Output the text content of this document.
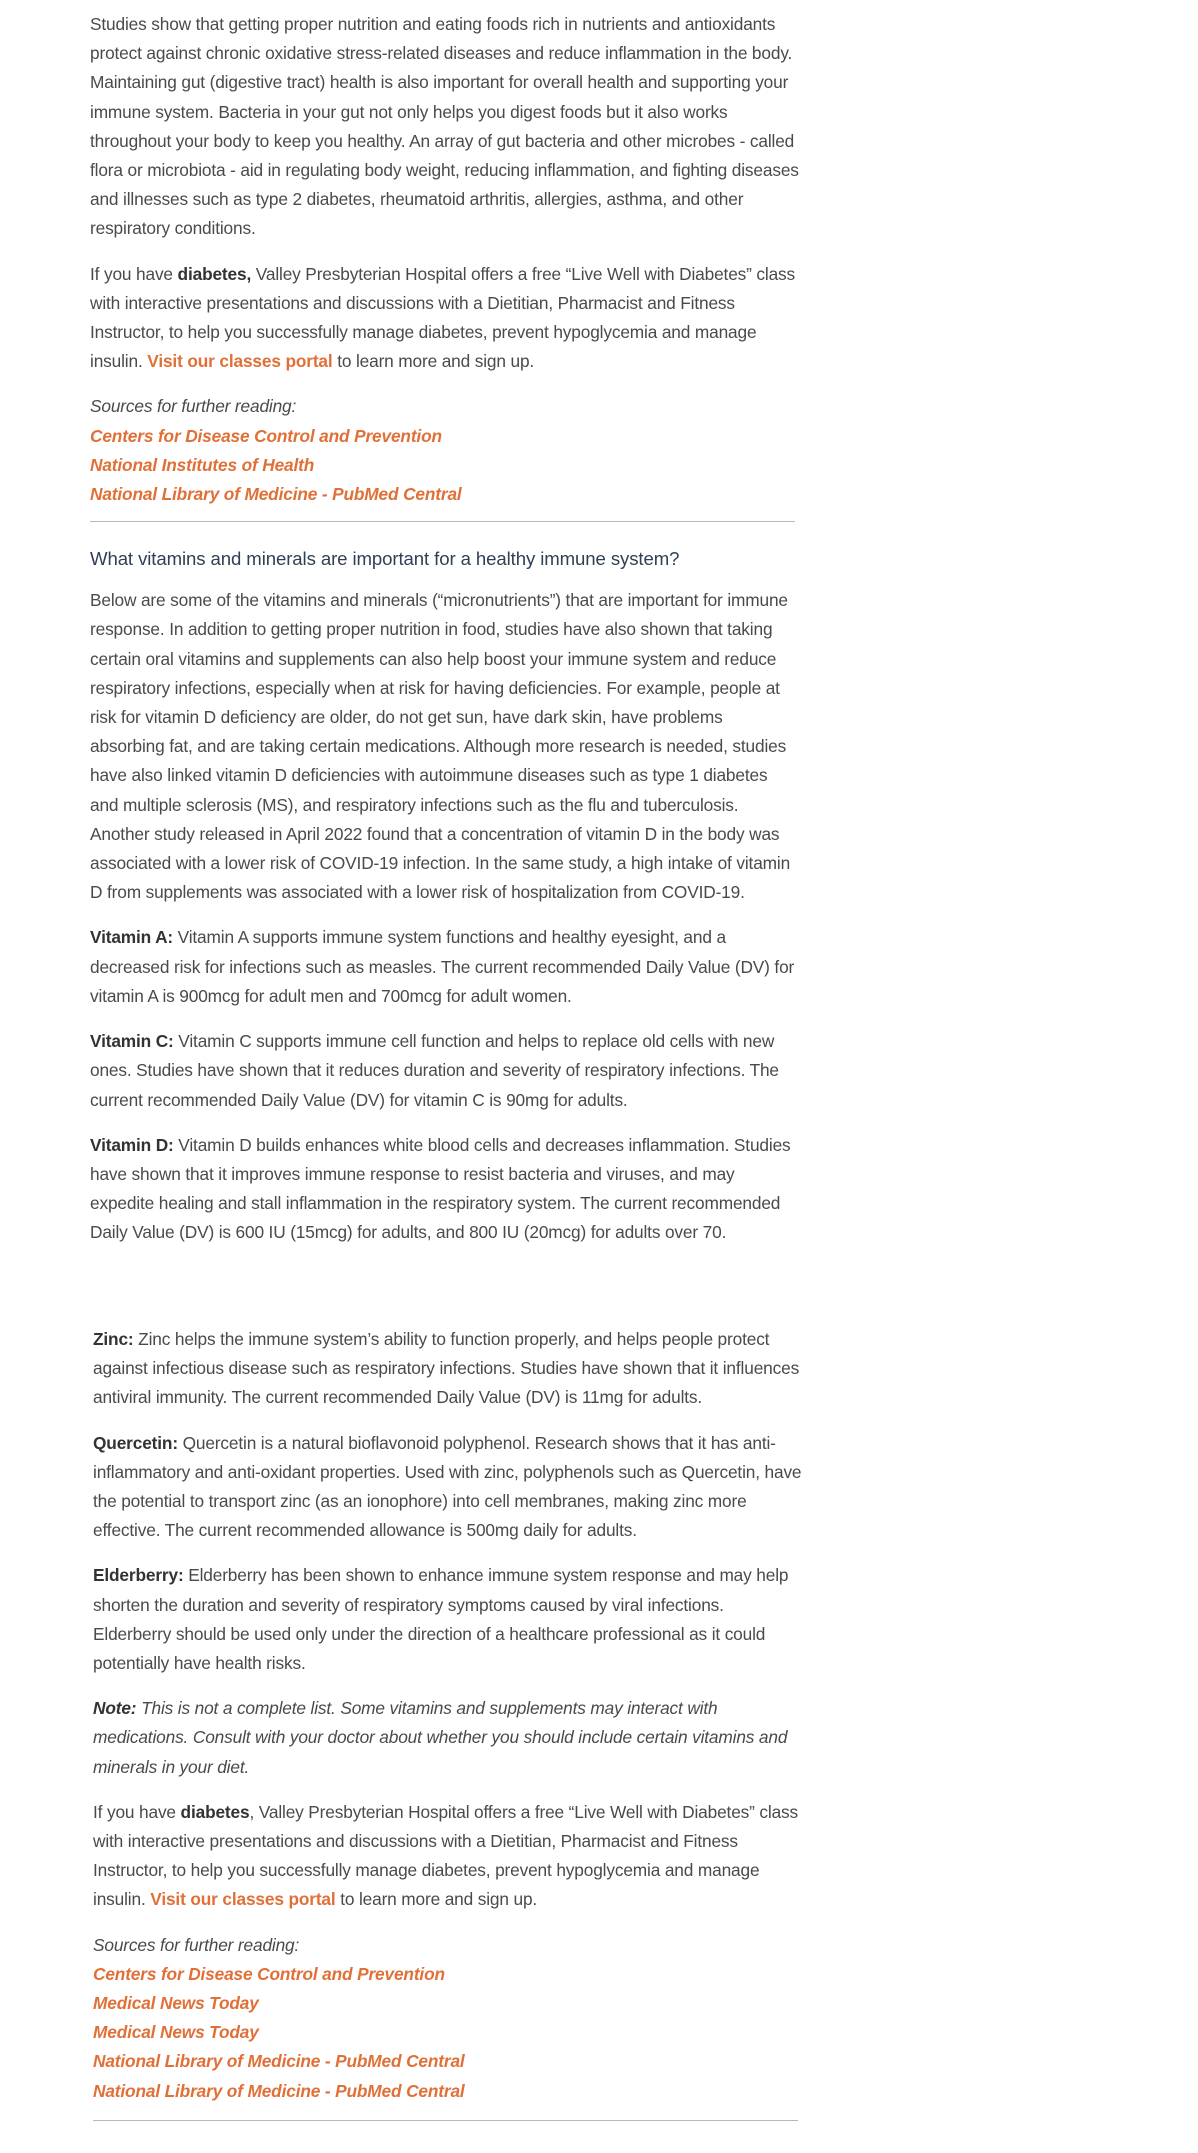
Studies show that getting proper nutrition and eating foods rich in nutrients and antioxidants protect against chronic oxidative stress-related diseases and reduce inflammation in the body. Maintaining gut (digestive tract) health is also important for overall health and supporting your immune system. Bacteria in your gut not only helps you digest foods but it also works throughout your body to keep you healthy. An array of gut bacteria and other microbes - called flora or microbiota - aid in regulating body weight, reducing inflammation, and fighting diseases and illnesses such as type 2 diabetes, rheumatoid arthritis, allergies, asthma, and other respiratory conditions.

If you have diabetes, Valley Presbyterian Hospital offers a free “Live Well with Diabetes” class with interactive presentations and discussions with a Dietitian, Pharmacist and Fitness Instructor, to help you successfully manage diabetes, prevent hypoglycemia and manage insulin. Visit our classes portal to learn more and sign up.

Sources for further reading:
Centers for Disease Control and Prevention
National Institutes of Health
National Library of Medicine - PubMed Central
What vitamins and minerals are important for a healthy immune system?

Below are some of the vitamins and minerals (“micronutrients”) that are important for immune response. In addition to getting proper nutrition in food, studies have also shown that taking certain oral vitamins and supplements can also help boost your immune system and reduce respiratory infections, especially when at risk for having deficiencies. For example, people at risk for vitamin D deficiency are older, do not get sun, have dark skin, have problems absorbing fat, and are taking certain medications. Although more research is needed, studies have also linked vitamin D deficiencies with autoimmune diseases such as type 1 diabetes and multiple sclerosis (MS), and respiratory infections such as the flu and tuberculosis. Another study released in April 2022 found that a concentration of vitamin D in the body was associated with a lower risk of COVID-19 infection. In the same study, a high intake of vitamin D from supplements was associated with a lower risk of hospitalization from COVID-19.

Vitamin A: Vitamin A supports immune system functions and healthy eyesight, and a decreased risk for infections such as measles. The current recommended Daily Value (DV) for vitamin A is 900mcg for adult men and 700mcg for adult women.

Vitamin C: Vitamin C supports immune cell function and helps to replace old cells with new ones. Studies have shown that it reduces duration and severity of respiratory infections. The current recommended Daily Value (DV) for vitamin C is 90mg for adults.

Vitamin D: Vitamin D builds enhances white blood cells and decreases inflammation. Studies have shown that it improves immune response to resist bacteria and viruses, and may expedite healing and stall inflammation in the respiratory system. The current recommended Daily Value (DV) is 600 IU (15mcg) for adults, and 800 IU (20mcg) for adults over 70.

Zinc: Zinc helps the immune system’s ability to function properly, and helps people protect against infectious disease such as respiratory infections. Studies have shown that it influences antiviral immunity. The current recommended Daily Value (DV) is 11mg for adults.

Quercetin: Quercetin is a natural bioflavonoid polyphenol. Research shows that it has anti-inflammatory and anti-oxidant properties. Used with zinc, polyphenols such as Quercetin, have the potential to transport zinc (as an ionophore) into cell membranes, making zinc more effective. The current recommended allowance is 500mg daily for adults.

Elderberry: Elderberry has been shown to enhance immune system response and may help shorten the duration and severity of respiratory symptoms caused by viral infections. Elderberry should be used only under the direction of a healthcare professional as it could potentially have health risks.

Note: This is not a complete list. Some vitamins and supplements may interact with medications. Consult with your doctor about whether you should include certain vitamins and minerals in your diet.

If you have diabetes, Valley Presbyterian Hospital offers a free “Live Well with Diabetes” class with interactive presentations and discussions with a Dietitian, Pharmacist and Fitness Instructor, to help you successfully manage diabetes, prevent hypoglycemia and manage insulin. Visit our classes portal to learn more and sign up.

Sources for further reading:
Centers for Disease Control and Prevention
Medical News Today
Medical News Today
National Library of Medicine - PubMed Central
National Library of Medicine - PubMed Central
